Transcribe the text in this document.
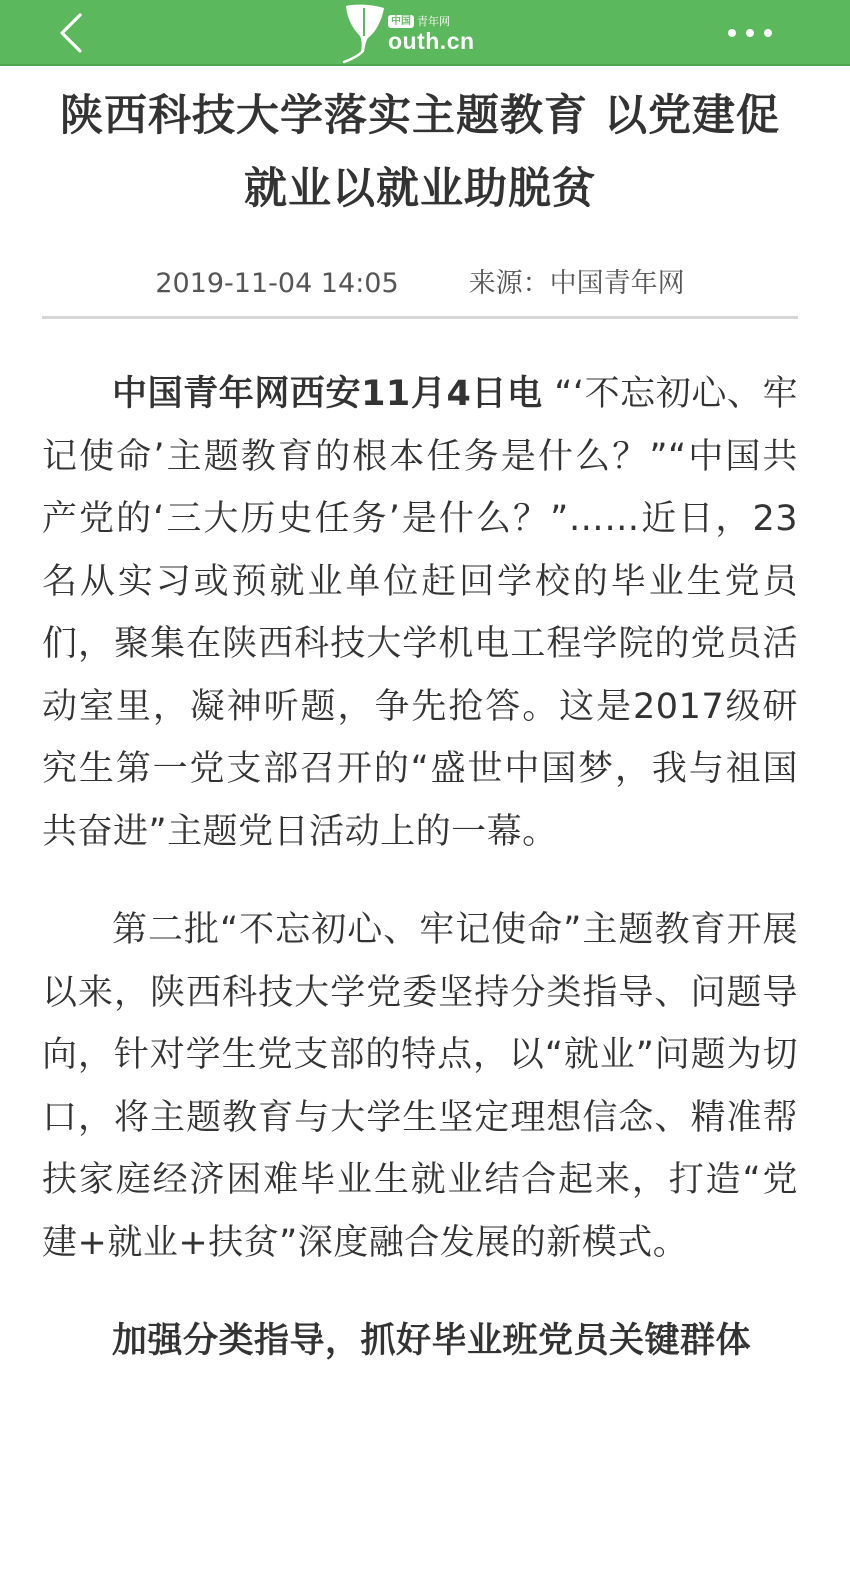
中国 青年网
outh.cn
陕西科技大学落实主题教育 以党建促就业以就业助脱贫
2019-11-04 14:05	来源：中国青年网

中国青年网西安11月4日电 “‘不忘初心、牢记使命’主题教育的根本任务是什么？”“中国共产党的‘三大历史任务’是什么？”……近日，23名从实习或预就业单位赶回学校的毕业生党员们，聚集在陕西科技大学机电工程学院的党员活动室里，凝神听题，争先抢答。这是2017级研究生第一党支部召开的“盛世中国梦，我与祖国共奋进”主题党日活动上的一幕。

第二批“不忘初心、牢记使命”主题教育开展以来，陕西科技大学党委坚持分类指导、问题导向，针对学生党支部的特点，以“就业”问题为切口，将主题教育与大学生坚定理想信念、精准帮扶家庭经济困难毕业生就业结合起来，打造“党建+就业+扶贫”深度融合发展的新模式。

加强分类指导，抓好毕业班党员关键群体
